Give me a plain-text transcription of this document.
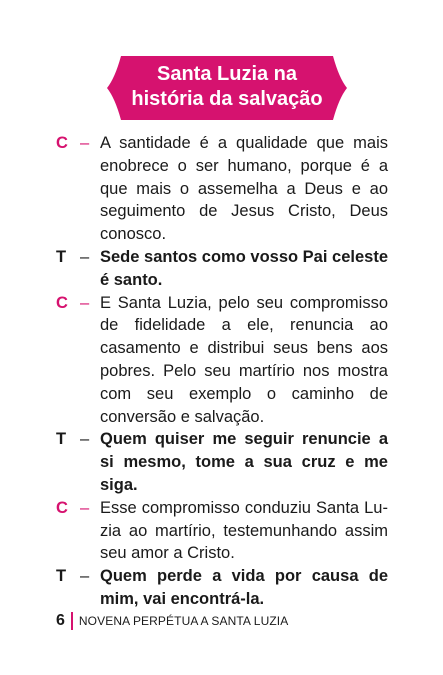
Santa Luzia na
história da salvação
C – A santidade é a qualidade que mais enobrece o ser humano, porque é a que mais o assemelha a Deus e ao seguimento de Jesus Cristo, Deus conosco.
T – Sede santos como vosso Pai celeste é santo.
C – E Santa Luzia, pelo seu compromisso de fidelidade a ele, renuncia ao casamento e distribui seus bens aos pobres. Pelo seu martírio nos mostra com seu exemplo o caminho de conversão e salvação.
T – Quem quiser me seguir renuncie a si mesmo, tome a sua cruz e me siga.
C – Esse compromisso conduziu Santa Luzia ao martírio, testemunhando assim seu amor a Cristo.
T – Quem perde a vida por causa de mim, vai encontrá-la.
6 NOVENA PERPÉTUA A SANTA LUZIA
